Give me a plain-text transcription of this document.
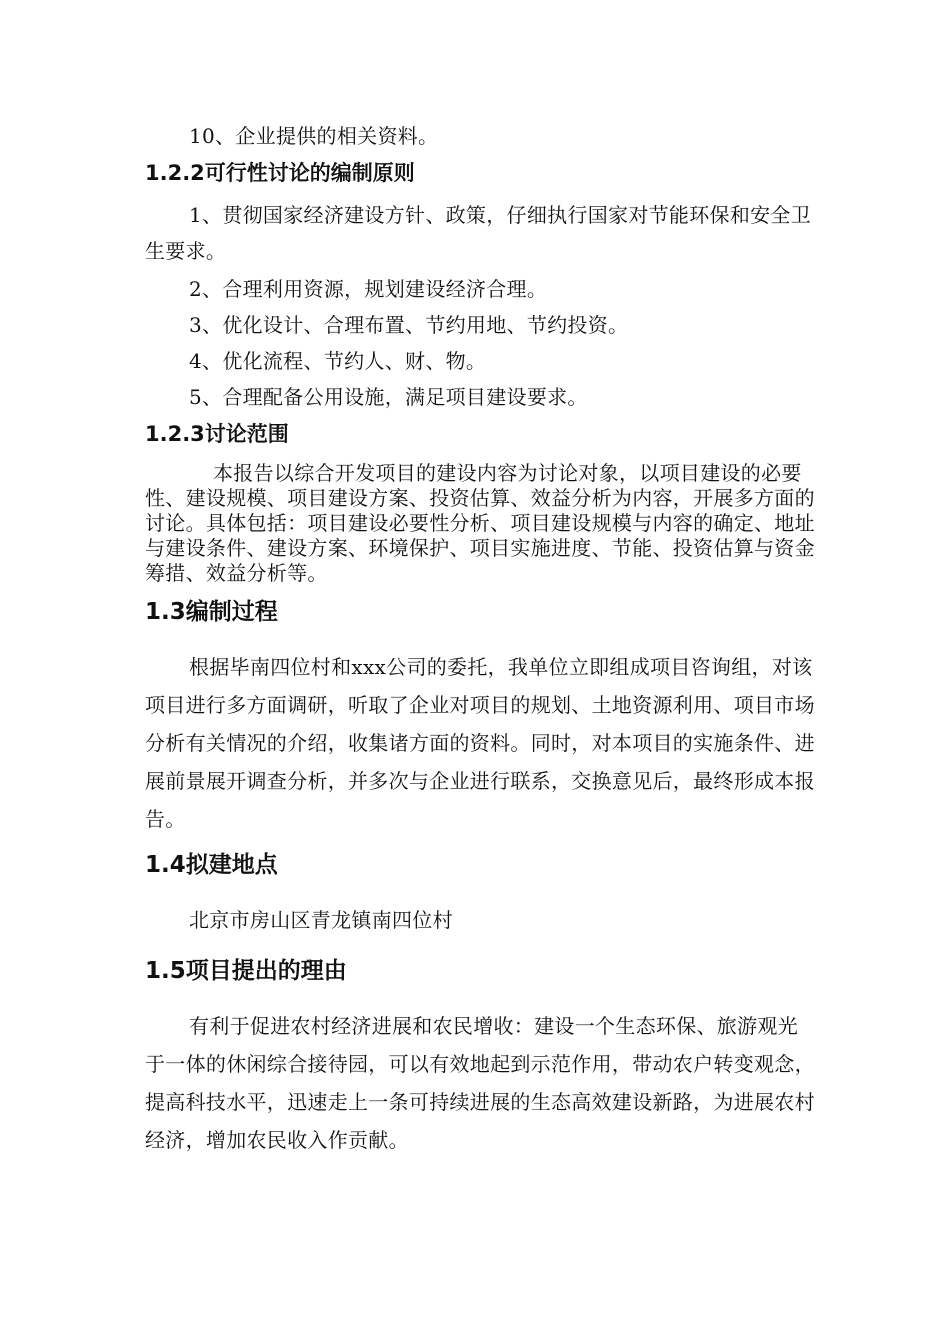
10、企业提供的相关资料。

1.2.2可行性讨论的编制原则

1、贯彻国家经济建设方针、政策，仔细执行国家对节能环保和安全卫生要求。

2、合理利用资源，规划建设经济合理。

3、优化设计、合理布置、节约用地、节约投资。

4、优化流程、节约人、财、物。

5、合理配备公用设施，满足项目建设要求。

1.2.3讨论范围

本报告以综合开发项目的建设内容为讨论对象，以项目建设的必要性、建设规模、项目建设方案、投资估算、效益分析为内容，开展多方面的讨论。具体包括：项目建设必要性分析、项目建设规模与内容的确定、地址与建设条件、建设方案、环境保护、项目实施进度、节能、投资估算与资金筹措、效益分析等。

1.3编制过程

根据毕南四位村和xxx公司的委托，我单位立即组成项目咨询组，对该项目进行多方面调研，听取了企业对项目的规划、土地资源利用、项目市场分析有关情况的介绍，收集诸方面的资料。同时，对本项目的实施条件、进展前景展开调查分析，并多次与企业进行联系，交换意见后，最终形成本报告。

1.4拟建地点

北京市房山区青龙镇南四位村

1.5项目提出的理由

有利于促进农村经济进展和农民增收：建设一个生态环保、旅游观光于一体的休闲综合接待园，可以有效地起到示范作用，带动农户转变观念，提高科技水平，迅速走上一条可持续进展的生态高效建设新路，为进展农村经济，增加农民收入作贡献。
